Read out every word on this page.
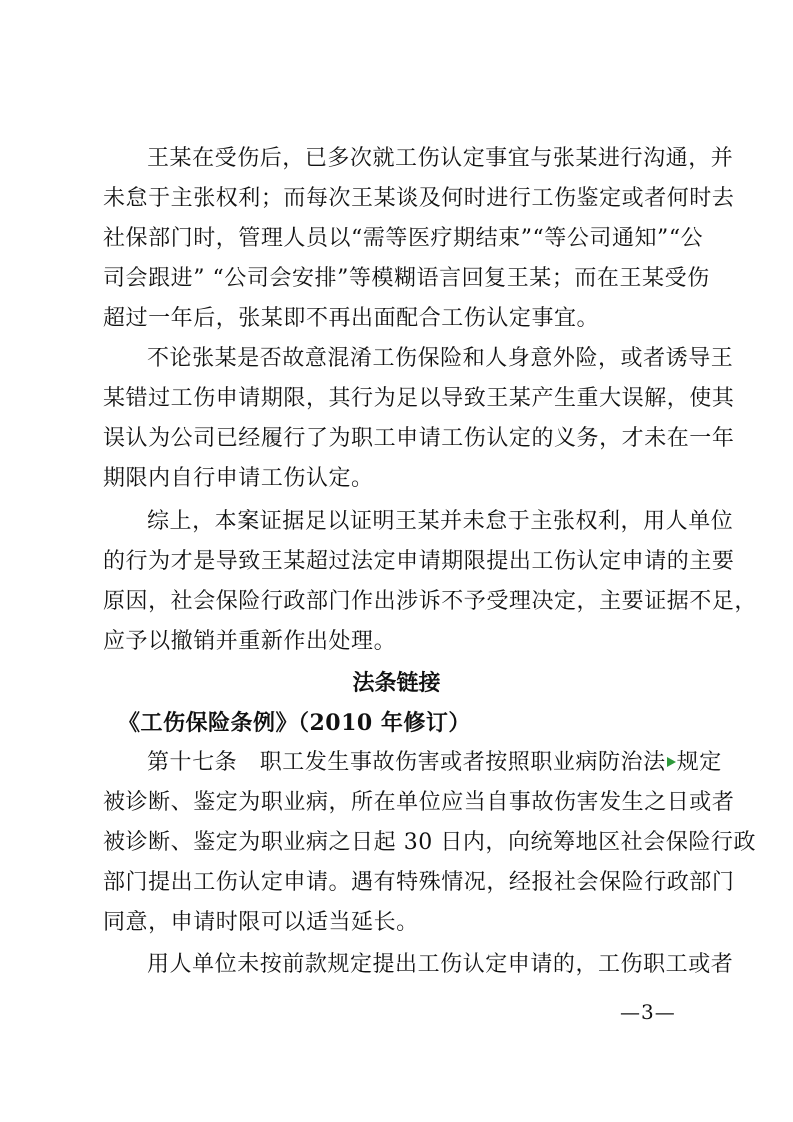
王某在受伤后，已多次就工伤认定事宜与张某进行沟通，并
未怠于主张权利；而每次王某谈及何时进行工伤鉴定或者何时去
社保部门时，管理人员以“需等医疗期结束”“等公司通知”“公
司会跟进” “公司会安排”等模糊语言回复王某；而在王某受伤
超过一年后，张某即不再出面配合工伤认定事宜。
不论张某是否故意混淆工伤保险和人身意外险，或者诱导王
某错过工伤申请期限，其行为足以导致王某产生重大误解，使其
误认为公司已经履行了为职工申请工伤认定的义务，才未在一年
期限内自行申请工伤认定。
综上，本案证据足以证明王某并未怠于主张权利，用人单位
的行为才是导致王某超过法定申请期限提出工伤认定申请的主要
原因，社会保险行政部门作出涉诉不予受理决定，主要证据不足，
应予以撤销并重新作出处理。
法条链接
《工伤保险条例》（2010 年修订）
第十七条　职工发生事故伤害或者按照职业病防治法 规定
被诊断、鉴定为职业病，所在单位应当自事故伤害发生之日或者
被诊断、鉴定为职业病之日起 30 日内，向统筹地区社会保险行政
部门提出工伤认定申请。遇有特殊情况，经报社会保险行政部门
同意，申请时限可以适当延长。
用人单位未按前款规定提出工伤认定申请的，工伤职工或者
—3—
